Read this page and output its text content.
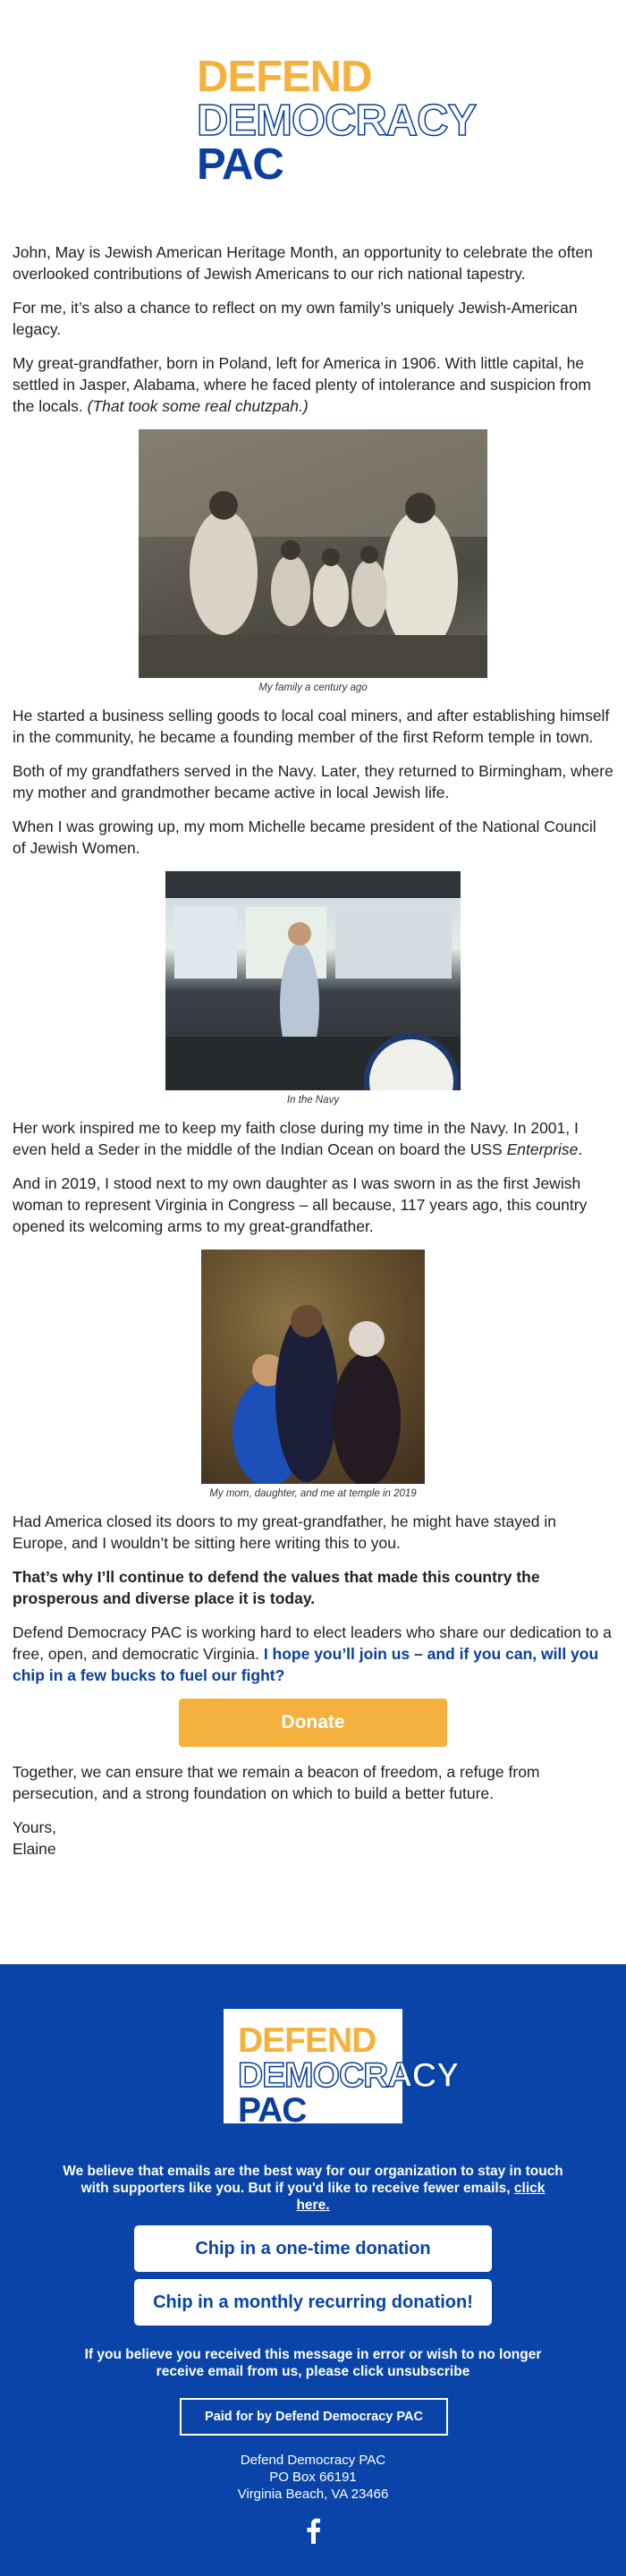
DEFEND
DEMOCRACY
PAC

John, May is Jewish American Heritage Month, an opportunity to celebrate the often overlooked contributions of Jewish Americans to our rich national tapestry.

For me, it’s also a chance to reflect on my own family’s uniquely Jewish-American legacy.

My great-grandfather, born in Poland, left for America in 1906. With little capital, he settled in Jasper, Alabama, where he faced plenty of intolerance and suspicion from the locals. (That took some real chutzpah.)

My family a century ago

He started a business selling goods to local coal miners, and after establishing himself in the community, he became a founding member of the first Reform temple in town.

Both of my grandfathers served in the Navy. Later, they returned to Birmingham, where my mother and grandmother became active in local Jewish life.

When I was growing up, my mom Michelle became president of the National Council of Jewish Women.

In the Navy

Her work inspired me to keep my faith close during my time in the Navy. In 2001, I even held a Seder in the middle of the Indian Ocean on board the USS Enterprise.

And in 2019, I stood next to my own daughter as I was sworn in as the first Jewish woman to represent Virginia in Congress – all because, 117 years ago, this country opened its welcoming arms to my great-grandfather.

My mom, daughter, and me at temple in 2019

Had America closed its doors to my great-grandfather, he might have stayed in Europe, and I wouldn’t be sitting here writing this to you.

That’s why I’ll continue to defend the values that made this country the prosperous and diverse place it is today.

Defend Democracy PAC is working hard to elect leaders who share our dedication to a free, open, and democratic Virginia. I hope you’ll join us – and if you can, will you chip in a few bucks to fuel our fight?

Donate

Together, we can ensure that we remain a beacon of freedom, a refuge from persecution, and a strong foundation on which to build a better future.

Yours,
Elaine

DEFEND
DEMOCRACY
PAC
We believe that emails are the best way for our organization to stay in touch with supporters like you. But if you'd like to receive fewer emails, click here.
Chip in a one-time donation
Chip in a monthly recurring donation!
If you believe you received this message in error or wish to no longer receive email from us, please click unsubscribe
Paid for by Defend Democracy PAC
Defend Democracy PAC
PO Box 66191
Virginia Beach, VA 23466
